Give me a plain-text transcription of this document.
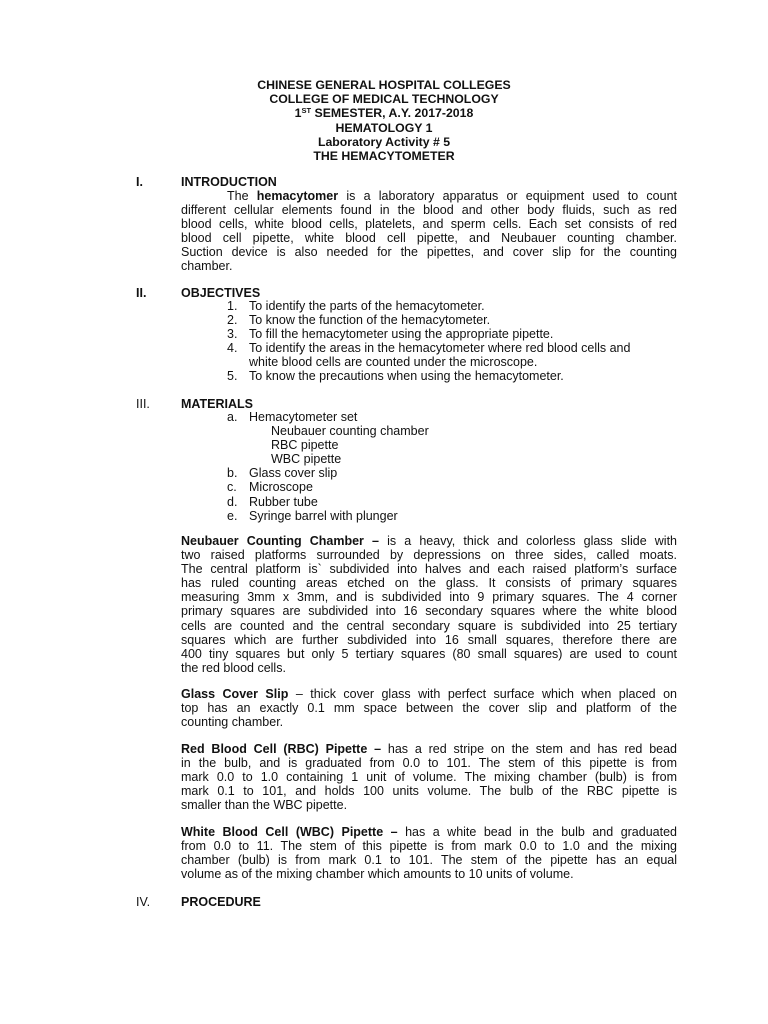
CHINESE GENERAL HOSPITAL COLLEGES
COLLEGE OF MEDICAL TECHNOLOGY
1ST SEMESTER, A.Y. 2017-2018
HEMATOLOGY 1
Laboratory Activity # 5
THE HEMACYTOMETER
I.	INTRODUCTION
The hemacytomer is a laboratory apparatus or equipment used to count
different cellular elements found in the blood and other body fluids, such as red
blood cells, white blood cells, platelets, and sperm cells. Each set consists of red
blood cell pipette, white blood cell pipette, and Neubauer counting chamber.
Suction device is also needed for the pipettes, and cover slip for the counting
chamber.
II.	OBJECTIVES
1. To identify the parts of the hemacytometer.
2. To know the function of the hemacytometer.
3. To fill the hemacytometer using the appropriate pipette.
4. To identify the areas in the hemacytometer where red blood cells and
white blood cells are counted under the microscope.
5. To know the precautions when using the hemacytometer.
III. MATERIALS
a. Hemacytometer set
Neubauer counting chamber
RBC pipette
WBC pipette
b. Glass cover slip
c. Microscope
d. Rubber tube
e. Syringe barrel with plunger
Neubauer Counting Chamber – is a heavy, thick and colorless glass slide with
two raised platforms surrounded by depressions on three sides, called moats.
The central platform is` subdivided into halves and each raised platform’s surface
has ruled counting areas etched on the glass. It consists of primary squares
measuring 3mm x 3mm, and is subdivided into 9 primary squares. The 4 corner
primary squares are subdivided into 16 secondary squares where the white blood
cells are counted and the central secondary square is subdivided into 25 tertiary
squares which are further subdivided into 16 small squares, therefore there are
400 tiny squares but only 5 tertiary squares (80 small squares) are used to count
the red blood cells.
Glass Cover Slip – thick cover glass with perfect surface which when placed on
top has an exactly 0.1 mm space between the cover slip and platform of the
counting chamber.
Red Blood Cell (RBC) Pipette – has a red stripe on the stem and has red bead
in the bulb, and is graduated from 0.0 to 101. The stem of this pipette is from
mark 0.0 to 1.0 containing 1 unit of volume. The mixing chamber (bulb) is from
mark 0.1 to 101, and holds 100 units volume. The bulb of the RBC pipette is
smaller than the WBC pipette.
White Blood Cell (WBC) Pipette – has a white bead in the bulb and graduated
from 0.0 to 11. The stem of this pipette is from mark 0.0 to 1.0 and the mixing
chamber (bulb) is from mark 0.1 to 101. The stem of the pipette has an equal
volume as of the mixing chamber which amounts to 10 units of volume.
IV. PROCEDURE
